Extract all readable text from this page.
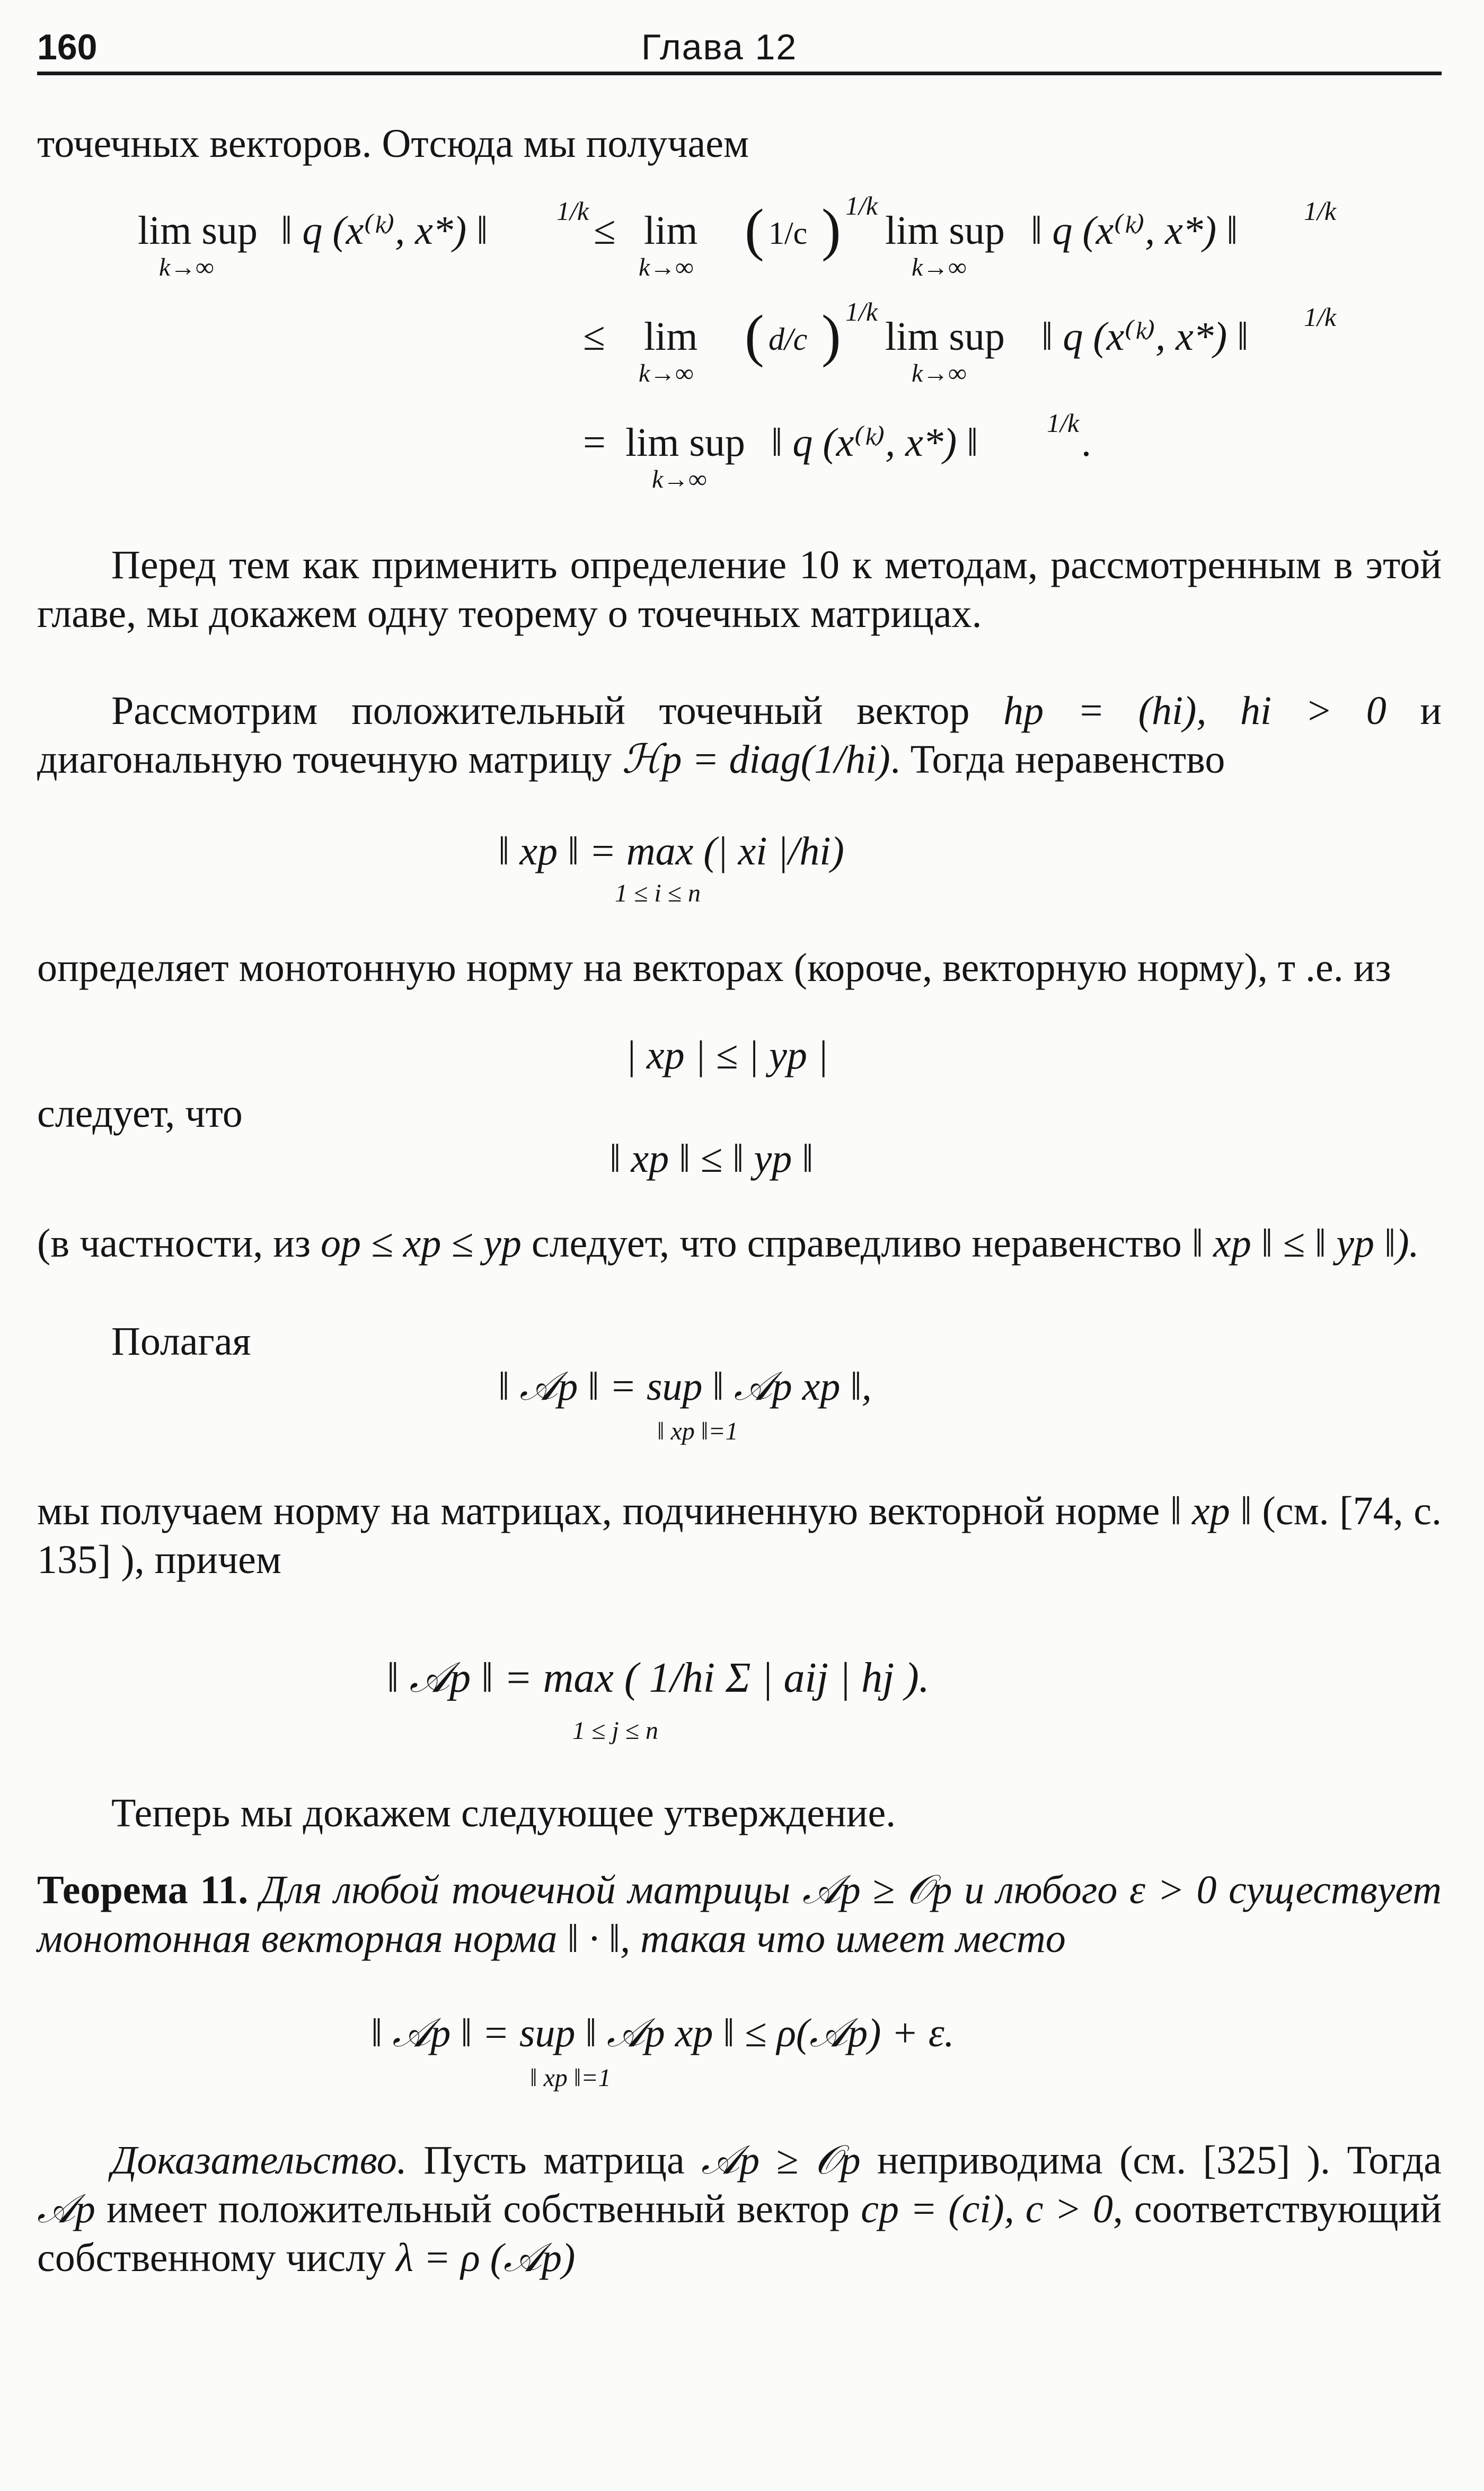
160	Глава 12

точечных векторов. Отсюда мы получаем

lim sup
k→∞
‖ q (x⁽ᵏ⁾, x*) ‖	1/k ≤ lim
k→∞
( 1/c ) 1/k
lim sup
k→∞
‖ q (x⁽ᵏ⁾, x*) ‖ 1/k
≤ lim
k→∞
( d/c ) 1/k
lim sup
k→∞
‖ q (x⁽ᵏ⁾, x*) ‖ 1/k
= lim sup
k→∞
‖ q (x⁽ᵏ⁾, x*) ‖	1/k .

Перед тем как применить определение 10 к методам, рассмотренным в этой главе, мы докажем одну теорему о точечных матрицах.

Рассмотрим положительный точечный вектор hp = (hi), hi > 0 и диагональную точечную матрицу ℋp = diag(1/hi). Тогда неравенство

‖ xp ‖ = max (| xi |/hi)
1 ≤ i ≤ n

определяет монотонную норму на векторах (короче, векторную норму), т .е. из

| xp | ≤ | yp |

следует, что

‖ xp ‖ ≤ ‖ yp ‖

(в частности, из op ≤ xp ≤ yp следует, что справедливо неравенство ‖ xp ‖ ≤ ‖ yp ‖).

Полагая

‖ 𝒜p ‖ = sup ‖ 𝒜p xp ‖,
‖ xp ‖=1

мы получаем норму на матрицах, подчиненную векторной норме ‖ xp ‖ (см. [74, с. 135] ), причем

‖ 𝒜p ‖ = max ( 1/hi Σ | aij | hj ).
1 ≤ j ≤ n

Теперь мы докажем следующее утверждение.

Теорема 11. Для любой точечной матрицы 𝒜p ≥ 𝒪p и любого ε > 0 существует монотонная векторная норма ‖ · ‖, такая что имеет место

‖ 𝒜p ‖ = sup ‖ 𝒜p xp ‖ ≤ ρ(𝒜p) + ε.
‖ xp ‖=1

Доказательство. Пусть матрица 𝒜p ≥ 𝒪p неприводима (см. [325] ). Тогда 𝒜p имеет положительный собственный вектор cp = (ci), c > 0, соответствующий собственному числу λ = ρ (𝒜p)
